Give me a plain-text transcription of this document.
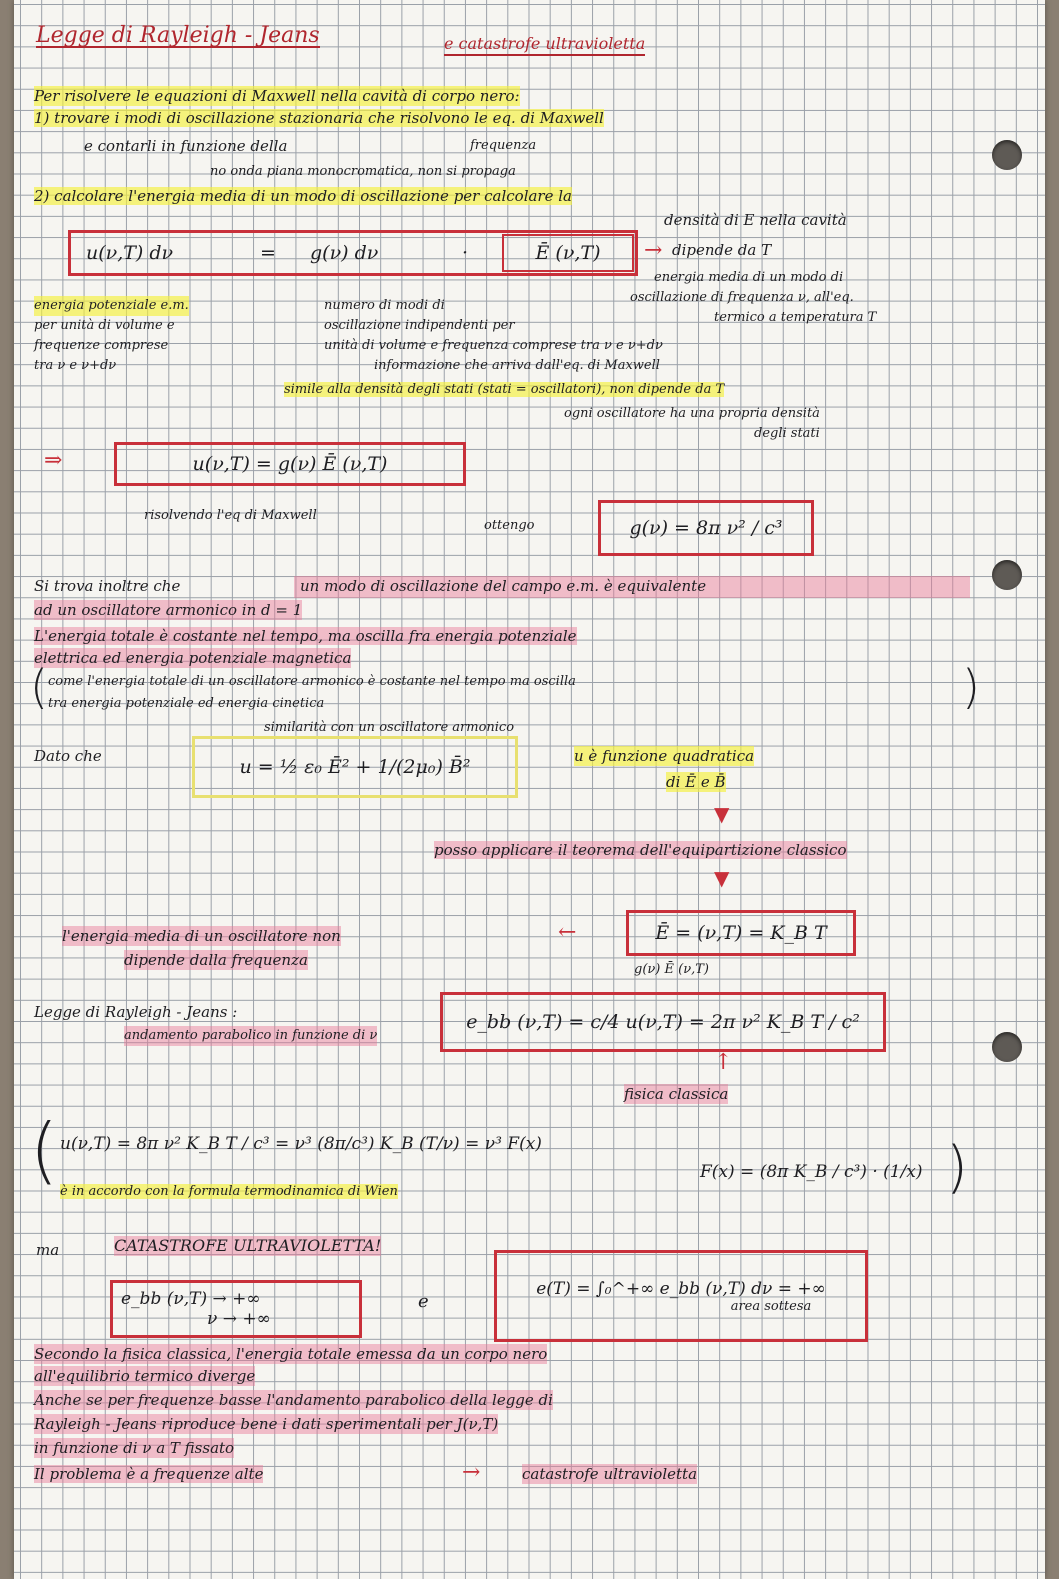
Legge di Rayleigh - Jeans	e catastrofe ultravioletta
Per risolvere le equazioni di Maxwell nella cavità di corpo nero:
1) trovare i modi di oscillazione stazionaria che risolvono le eq. di Maxwell
e contarli in funzione della	frequenza
no onda piana monocromatica, non si propaga
2) calcolare l'energia media di un modo di oscillazione per calcolare la
densità di E nella cavità
u(ν,T) dν	= g(ν) dν	·	Ē (ν,T) → dipende da T
energia media di un modo di
oscillazione di frequenza ν, all'eq.
termico a temperatura T
energia potenziale e.m.
per unità di volume e
frequenze comprese
tra ν e ν+dν
numero di modi di
oscillazione indipendenti per
unità di volume e frequenza comprese tra ν e ν+dν
informazione che arriva dall'eq. di Maxwell
simile alla densità degli stati (stati = oscillatori), non dipende da T
ogni oscillatore ha una propria densità
degli stati
⇒	u(ν,T) = g(ν) Ē (ν,T)
risolvendo l'eq di Maxwell
ottengo	g(ν) = 8π ν² / c³
Si trova inoltre che	un modo di oscillazione del campo e.m. è equivalente
ad un oscillatore armonico in d = 1
L'energia totale è costante nel tempo, ma oscilla fra energia potenziale
elettrica ed energia potenziale magnetica
( come l'energia totale di un oscillatore armonico è costante nel tempo ma oscilla
tra energia potenziale ed energia cinetica	)
similarità con un oscillatore armonico
Dato che	u = ½ ε₀ Ē² + 1/(2μ₀) B̄²	u è funzione quadratica
di Ē e B̄
▼
posso applicare il teorema dell'equipartizione classico
▼
l'energia media di un oscillatore non
dipende dalla frequenza
←	Ē = (ν,T) = K_B T
g(ν) Ē (ν,T)
Legge di Rayleigh - Jeans :	e_bb (ν,T) = c/4 u(ν,T) = 2π ν² K_B T / c²
andamento parabolico in funzione di ν
↑
fisica classica
( u(ν,T) = 8π ν² K_B T / c³ = ν³ (8π/c³) K_B (T/ν) = ν³ F(x)
F(x) = (8π K_B / c³) · (1/x)
è in accordo con la formula termodinamica di Wien	)
ma	CATASTROFE ULTRAVIOLETTA!
e_bb (ν,T) → +∞
ν → +∞
e
e(T) = ∫₀^+∞ e_bb (ν,T) dν = +∞
area sottesa
Secondo la fisica classica, l'energia totale emessa da un corpo nero
all'equilibrio termico diverge
Anche se per frequenze basse l'andamento parabolico della legge di
Rayleigh - Jeans riproduce bene i dati sperimentali per J(ν,T)
in funzione di ν a T fissato
Il problema è a frequenze alte	→	catastrofe ultravioletta
